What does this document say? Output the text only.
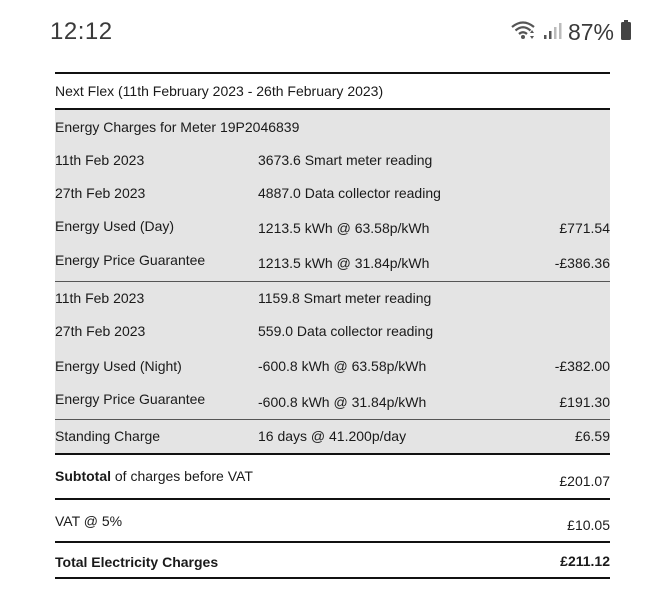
12:12	87%
Next Flex (11th February 2023 - 26th February 2023)
Energy Charges for Meter 19P2046839
11th Feb 2023	3673.6 Smart meter reading
27th Feb 2023	4887.0 Data collector reading
Energy Used (Day)	1213.5 kWh @ 63.58p/kWh	£771.54
Energy Price Guarantee	1213.5 kWh @ 31.84p/kWh	-£386.36
11th Feb 2023	1159.8 Smart meter reading
27th Feb 2023	559.0 Data collector reading
Energy Used (Night)	-600.8 kWh @ 63.58p/kWh	-£382.00
Energy Price Guarantee	-600.8 kWh @ 31.84p/kWh	£191.30
Standing Charge	16 days @ 41.200p/day	£6.59
Subtotal of charges before VAT	£201.07
VAT @ 5%	£10.05
Total Electricity Charges	£211.12
